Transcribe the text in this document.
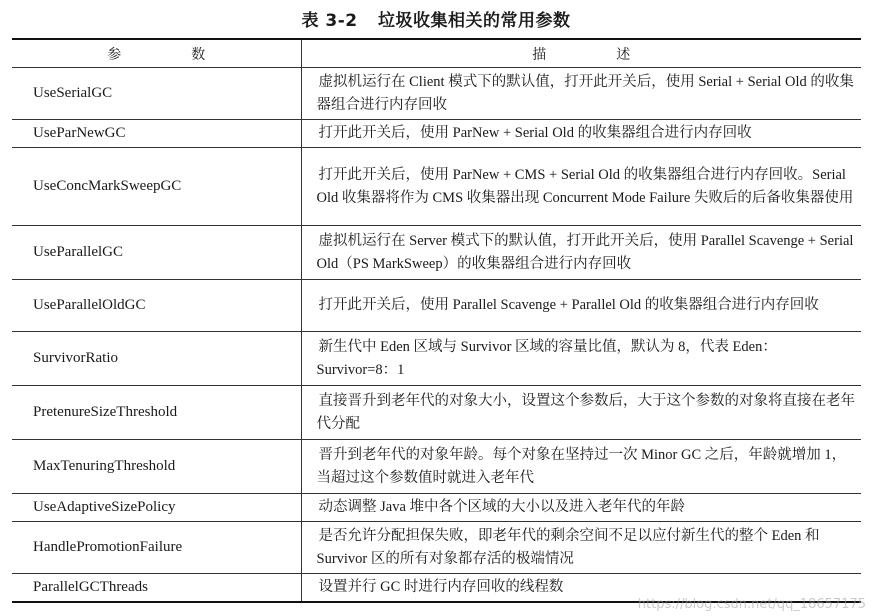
表 3-2 垃圾收集相关的常用参数
参　数	描　述
UseSerialGC	虚拟机运行在 Client 模式下的默认值，打开此开关后，使用 Serial + Serial Old 的收集器组合进行内存回收

UseParNewGC	打开此开关后，使用 ParNew + Serial Old 的收集器组合进行内存回收

UseConcMarkSweepGC	打开此开关后，使用 ParNew + CMS + Serial Old 的收集器组合进行内存回收。Serial Old 收集器将作为 CMS 收集器出现 Concurrent Mode Failure 失败后的后备收集器使用

UseParallelGC	虚拟机运行在 Server 模式下的默认值，打开此开关后，使用 Parallel Scavenge + Serial Old（PS MarkSweep）的收集器组合进行内存回收

UseParallelOldGC	打开此开关后，使用 Parallel Scavenge + Parallel Old 的收集器组合进行内存回收

SurvivorRatio	新生代中 Eden 区域与 Survivor 区域的容量比值，默认为 8，代表 Eden：Survivor=8：1

PretenureSizeThreshold	直接晋升到老年代的对象大小，设置这个参数后，大于这个参数的对象将直接在老年代分配

MaxTenuringThreshold	晋升到老年代的对象年龄。每个对象在坚持过一次 Minor GC 之后，年龄就增加 1，当超过这个参数值时就进入老年代

UseAdaptiveSizePolicy	动态调整 Java 堆中各个区域的大小以及进入老年代的年龄

HandlePromotionFailure	是否允许分配担保失败，即老年代的剩余空间不足以应付新生代的整个 Eden 和 Survivor 区的所有对象都存活的极端情况

ParallelGCThreads	设置并行 GC 时进行内存回收的线程数
https://blog.csdn.net/qq_18657175
